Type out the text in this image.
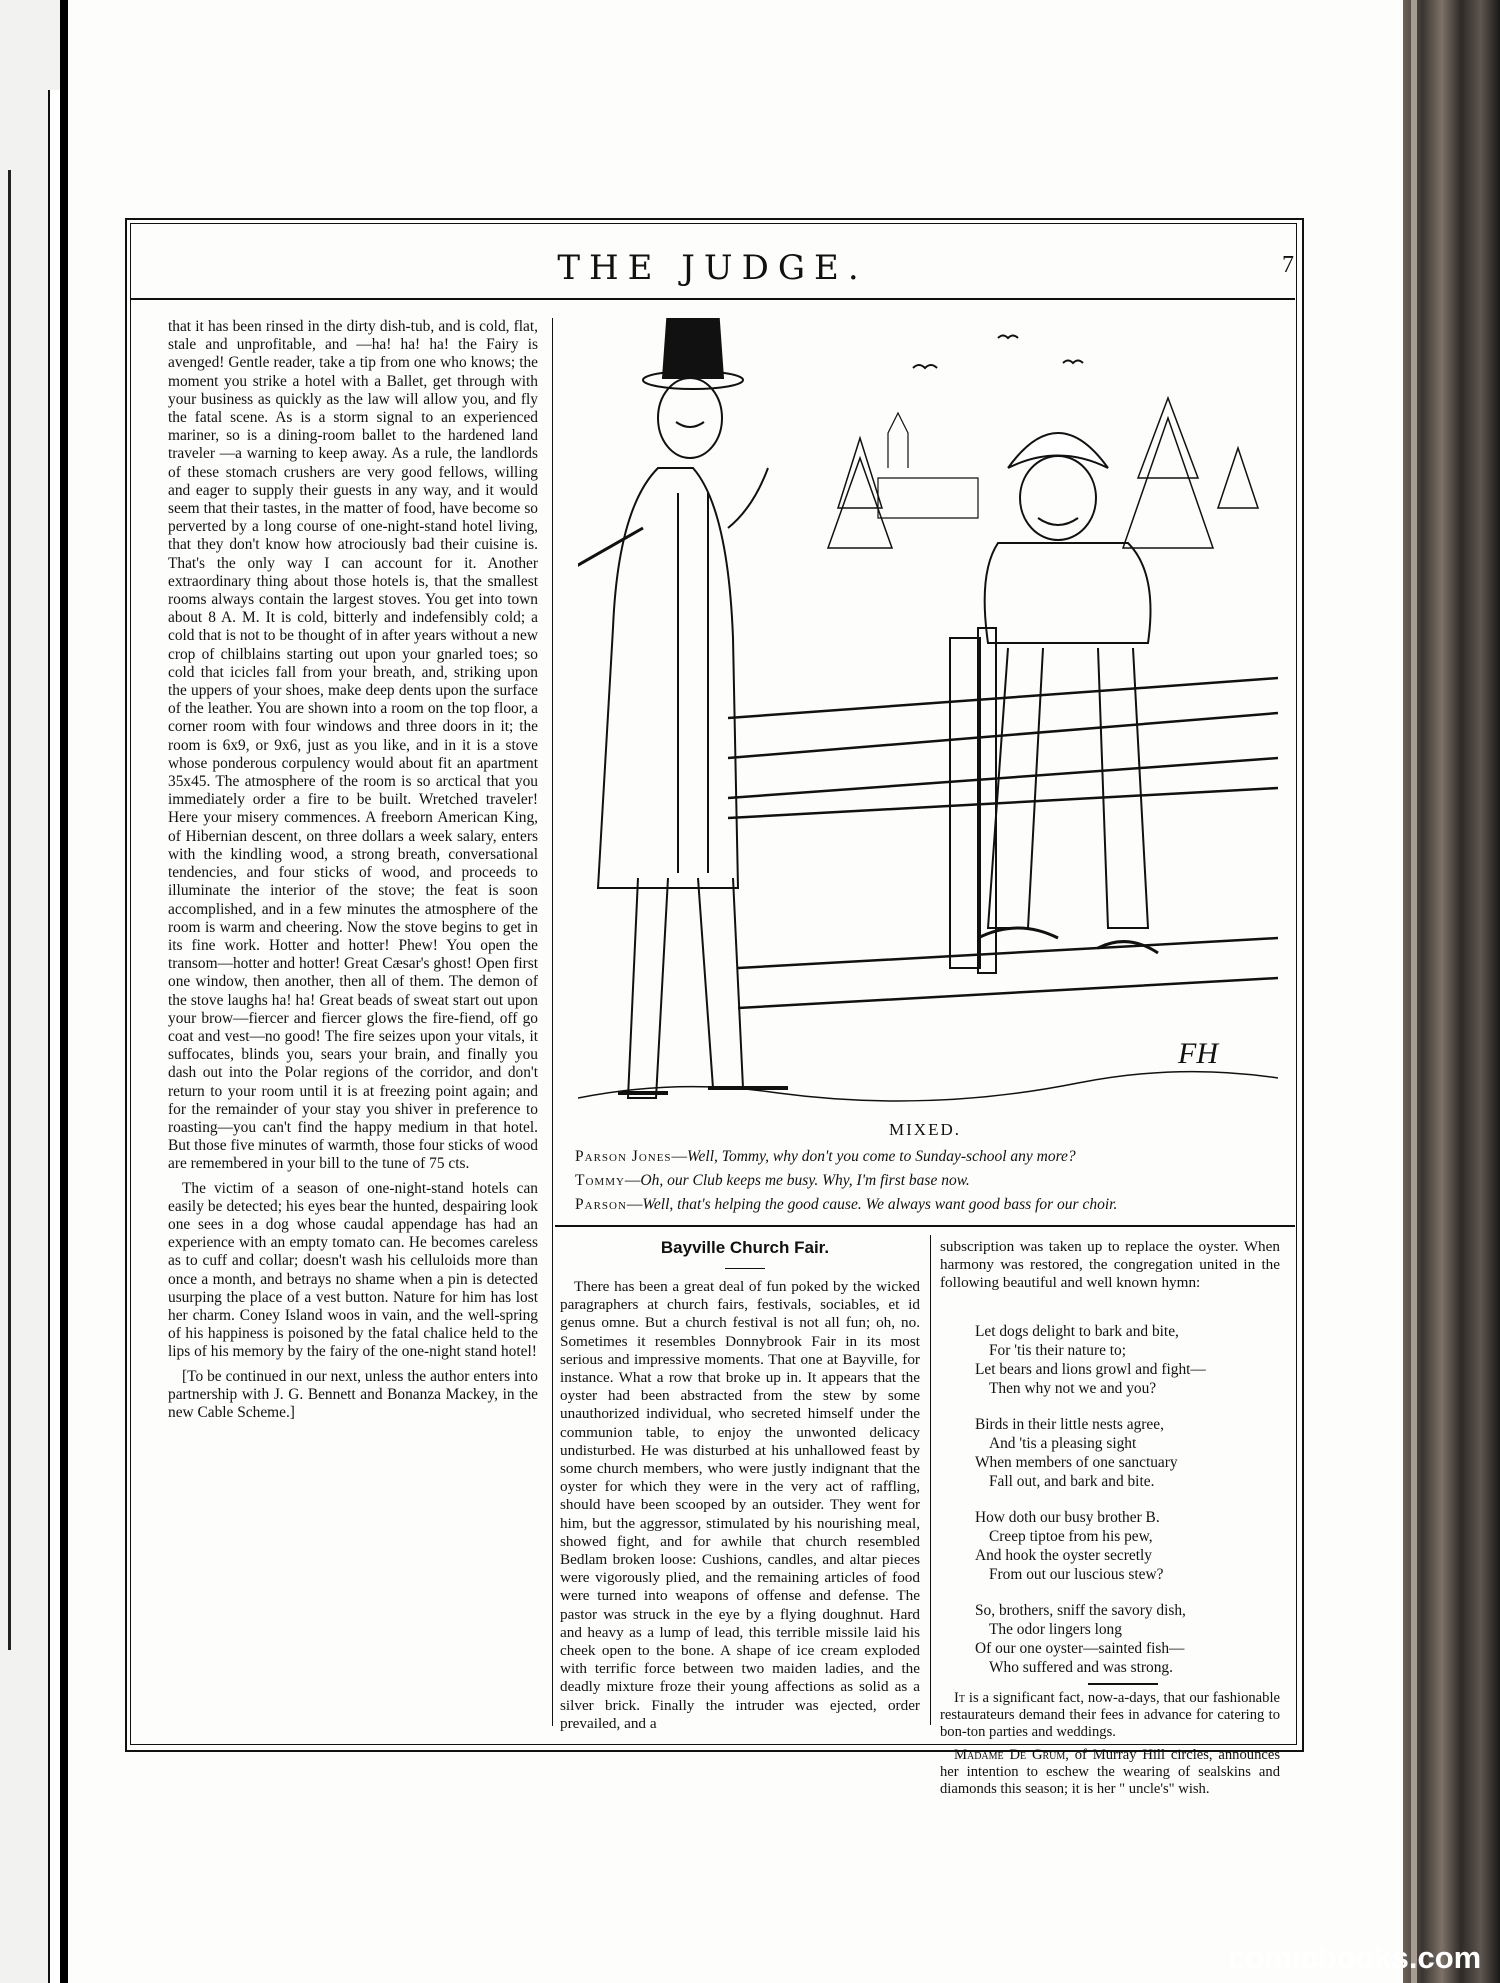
THE JUDGE.	7

that it has been rinsed in the dirty dish-tub, and is cold, flat, stale and unprofitable, and —ha! ha! ha! the Fairy is avenged! Gentle reader, take a tip from one who knows; the moment you strike a hotel with a Ballet, get through with your business as quickly as the law will allow you, and fly the fatal scene. As is a storm signal to an experienced mariner, so is a dining-room ballet to the hardened land traveler —a warning to keep away. As a rule, the landlords of these stomach crushers are very good fellows, willing and eager to supply their guests in any way, and it would seem that their tastes, in the matter of food, have become so perverted by a long course of one-night-stand hotel living, that they don't know how atrociously bad their cuisine is. That's the only way I can account for it. Another extraordinary thing about those hotels is, that the smallest rooms always contain the largest stoves. You get into town about 8 A. M. It is cold, bitterly and indefensibly cold; a cold that is not to be thought of in after years without a new crop of chilblains starting out upon your gnarled toes; so cold that icicles fall from your breath, and, striking upon the uppers of your shoes, make deep dents upon the surface of the leather. You are shown into a room on the top floor, a corner room with four windows and three doors in it; the room is 6x9, or 9x6, just as you like, and in it is a stove whose ponderous corpulency would about fit an apartment 35x45. The atmosphere of the room is so arctical that you immediately order a fire to be built. Wretched traveler! Here your misery commences. A freeborn American King, of Hibernian descent, on three dollars a week salary, enters with the kindling wood, a strong breath, conversational tendencies, and four sticks of wood, and proceeds to illuminate the interior of the stove; the feat is soon accomplished, and in a few minutes the atmosphere of the room is warm and cheering. Now the stove begins to get in its fine work. Hotter and hotter! Phew! You open the transom—hotter and hotter! Great Cæsar's ghost! Open first one window, then another, then all of them. The demon of the stove laughs ha! ha! Great beads of sweat start out upon your brow—fiercer and fiercer glows the fire-fiend, off go coat and vest—no good! The fire seizes upon your vitals, it suffocates, blinds you, sears your brain, and finally you dash out into the Polar regions of the corridor, and don't return to your room until it is at freezing point again; and for the remainder of your stay you shiver in preference to roasting—you can't find the happy medium in that hotel. But those five minutes of warmth, those four sticks of wood are remembered in your bill to the tune of 75 cts.

The victim of a season of one-night-stand hotels can easily be detected; his eyes bear the hunted, despairing look one sees in a dog whose caudal appendage has had an experience with an empty tomato can. He becomes careless as to cuff and collar; doesn't wash his celluloids more than once a month, and betrays no shame when a pin is detected usurping the place of a vest button. Nature for him has lost her charm. Coney Island woos in vain, and the well-spring of his happiness is poisoned by the fatal chalice held to the lips of his memory by the fairy of the one-night stand hotel!

[To be continued in our next, unless the author enters into partnership with J. G. Bennett and Bonanza Mackey, in the new Cable Scheme.]

FH
MIXED.
Parson Jones—Well, Tommy, why don't you come to Sunday-school any more?
Tommy—Oh, our Club keeps me busy. Why, I'm first base now.
Parson—Well, that's helping the good cause. We always want good bass for our choir.
Bayville Church Fair.

There has been a great deal of fun poked by the wicked paragraphers at church fairs, festivals, sociables, et id genus omne. But a church festival is not all fun; oh, no. Sometimes it resembles Donnybrook Fair in its most serious and impressive moments. That one at Bayville, for instance. What a row that broke up in. It appears that the oyster had been abstracted from the stew by some unauthorized individual, who secreted himself under the communion table, to enjoy the unwonted delicacy undisturbed. He was disturbed at his unhallowed feast by some church members, who were justly indignant that the oyster for which they were in the very act of raffling, should have been scooped by an outsider. They went for him, but the aggressor, stimulated by his nourishing meal, showed fight, and for awhile that church resembled Bedlam broken loose: Cushions, candles, and altar pieces were vigorously plied, and the remaining articles of food were turned into weapons of offense and defense. The pastor was struck in the eye by a flying doughnut. Hard and heavy as a lump of lead, this terrible missile laid his cheek open to the bone. A shape of ice cream exploded with terrific force between two maiden ladies, and the deadly mixture froze their young affections as solid as a silver brick. Finally the intruder was ejected, order prevailed, and a

subscription was taken up to replace the oyster. When harmony was restored, the congregation united in the following beautiful and well known hymn:

Let dogs delight to bark and bite,
For 'tis their nature to;
Let bears and lions growl and fight—
Then why not we and you?
Birds in their little nests agree,
And 'tis a pleasing sight
When members of one sanctuary
Fall out, and bark and bite.
How doth our busy brother B.
Creep tiptoe from his pew,
And hook the oyster secretly
From out our luscious stew?
So, brothers, sniff the savory dish,
The odor lingers long
Of our one oyster—sainted fish—
Who suffered and was strong.

It is a significant fact, now-a-days, that our fashionable restaurateurs demand their fees in advance for catering to bon-ton parties and weddings.

Madame De Grum, of Murray Hill circles, announces her intention to eschew the wearing of sealskins and diamonds this season; it is her " uncle's" wish.

comicbooks.com
